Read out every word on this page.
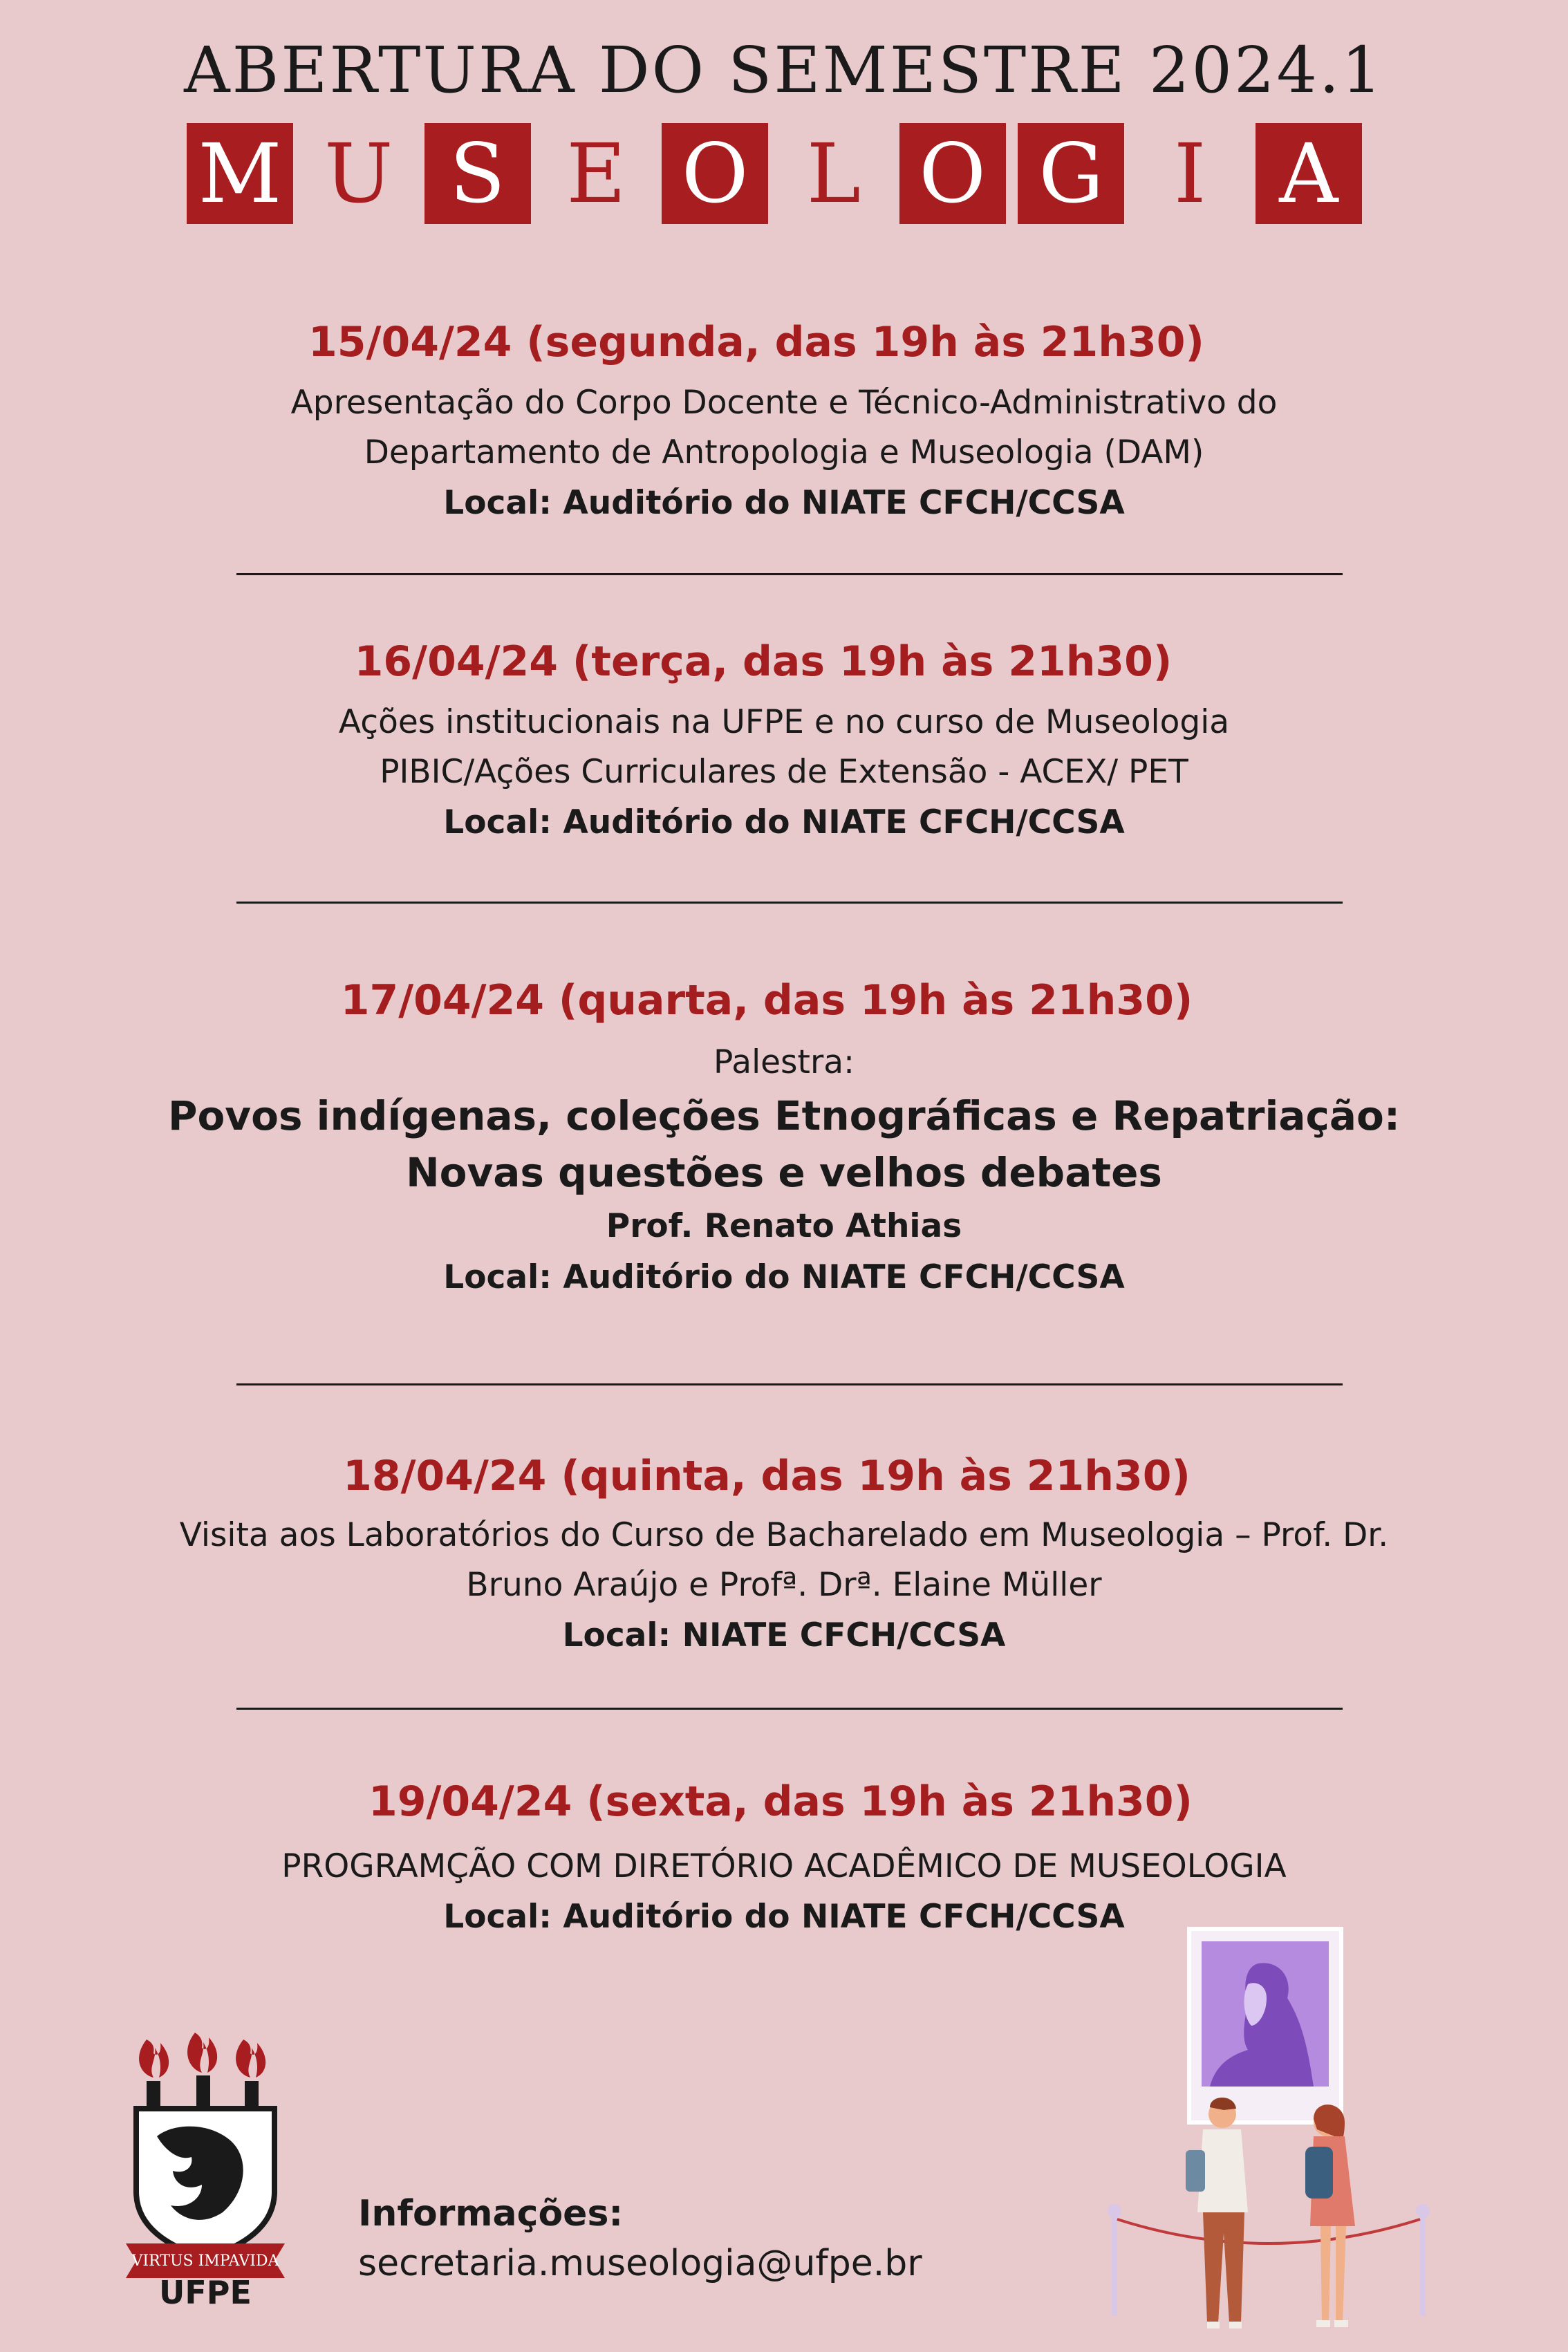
ABERTURA DO SEMESTRE 2024.1
M U S E O L O G I A
15/04/24 (segunda, das 19h às 21h30)
Apresentação do Corpo Docente e Técnico-Administrativo do
Departamento de Antropologia e Museologia (DAM)
Local: Auditório do NIATE CFCH/CCSA
16/04/24 (terça, das 19h às 21h30)
Ações institucionais na UFPE e no curso de Museologia
PIBIC/Ações Curriculares de Extensão - ACEX/ PET
Local: Auditório do NIATE CFCH/CCSA
17/04/24 (quarta, das 19h às 21h30)
Palestra:
Povos indígenas, coleções Etnográficas e Repatriação:
Novas questões e velhos debates
Prof. Renato Athias
Local: Auditório do NIATE CFCH/CCSA
18/04/24 (quinta, das 19h às 21h30)
Visita aos Laboratórios do Curso de Bacharelado em Museologia – Prof. Dr.
Bruno Araújo e Profª. Drª. Elaine Müller
Local: NIATE CFCH/CCSA
19/04/24 (sexta, das 19h às 21h30)
PROGRAMÇÃO COM DIRETÓRIO ACADÊMICO DE MUSEOLOGIA
Local: Auditório do NIATE CFCH/CCSA
VIRTUS IMPAVIDA
UFPE
Informações:
secretaria.museologia@ufpe.br
